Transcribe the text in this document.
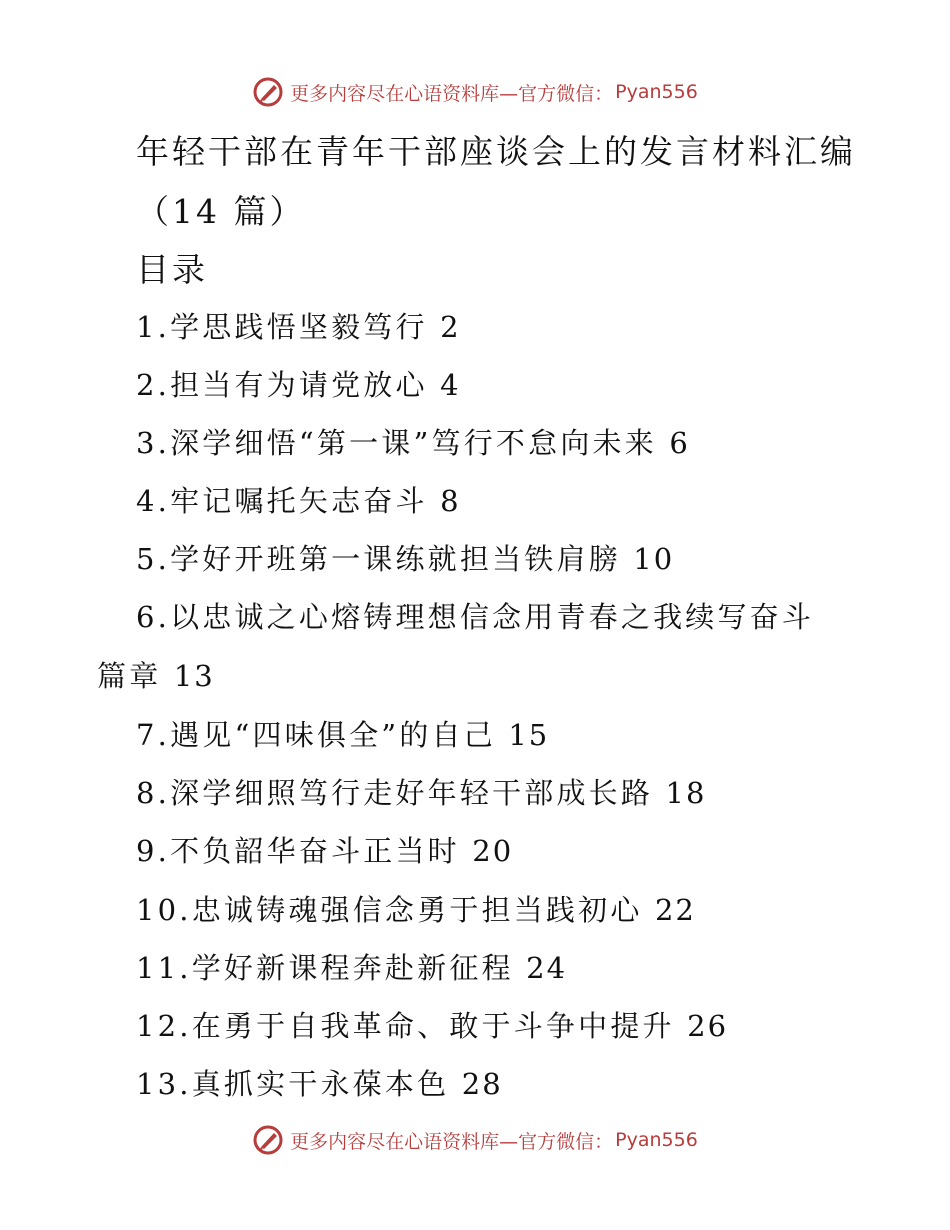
更多内容尽在心语资料库—官方微信： Pyan556
年轻干部在青年干部座谈会上的发言材料汇编
（14 篇）
目录
1.学思践悟坚毅笃行 2
2.担当有为请党放心 4
3.深学细悟“第一课”笃行不怠向未来 6
4.牢记嘱托矢志奋斗 8
5.学好开班第一课练就担当铁肩膀 10
6.以忠诚之心熔铸理想信念用青春之我续写奋斗
篇章 13
7.遇见“四味俱全”的自己 15
8.深学细照笃行走好年轻干部成长路 18
9.不负韶华奋斗正当时 20
10.忠诚铸魂强信念勇于担当践初心 22
11.学好新课程奔赴新征程 24
12.在勇于自我革命、敢于斗争中提升 26
13.真抓实干永葆本色 28
更多内容尽在心语资料库—官方微信： Pyan556
